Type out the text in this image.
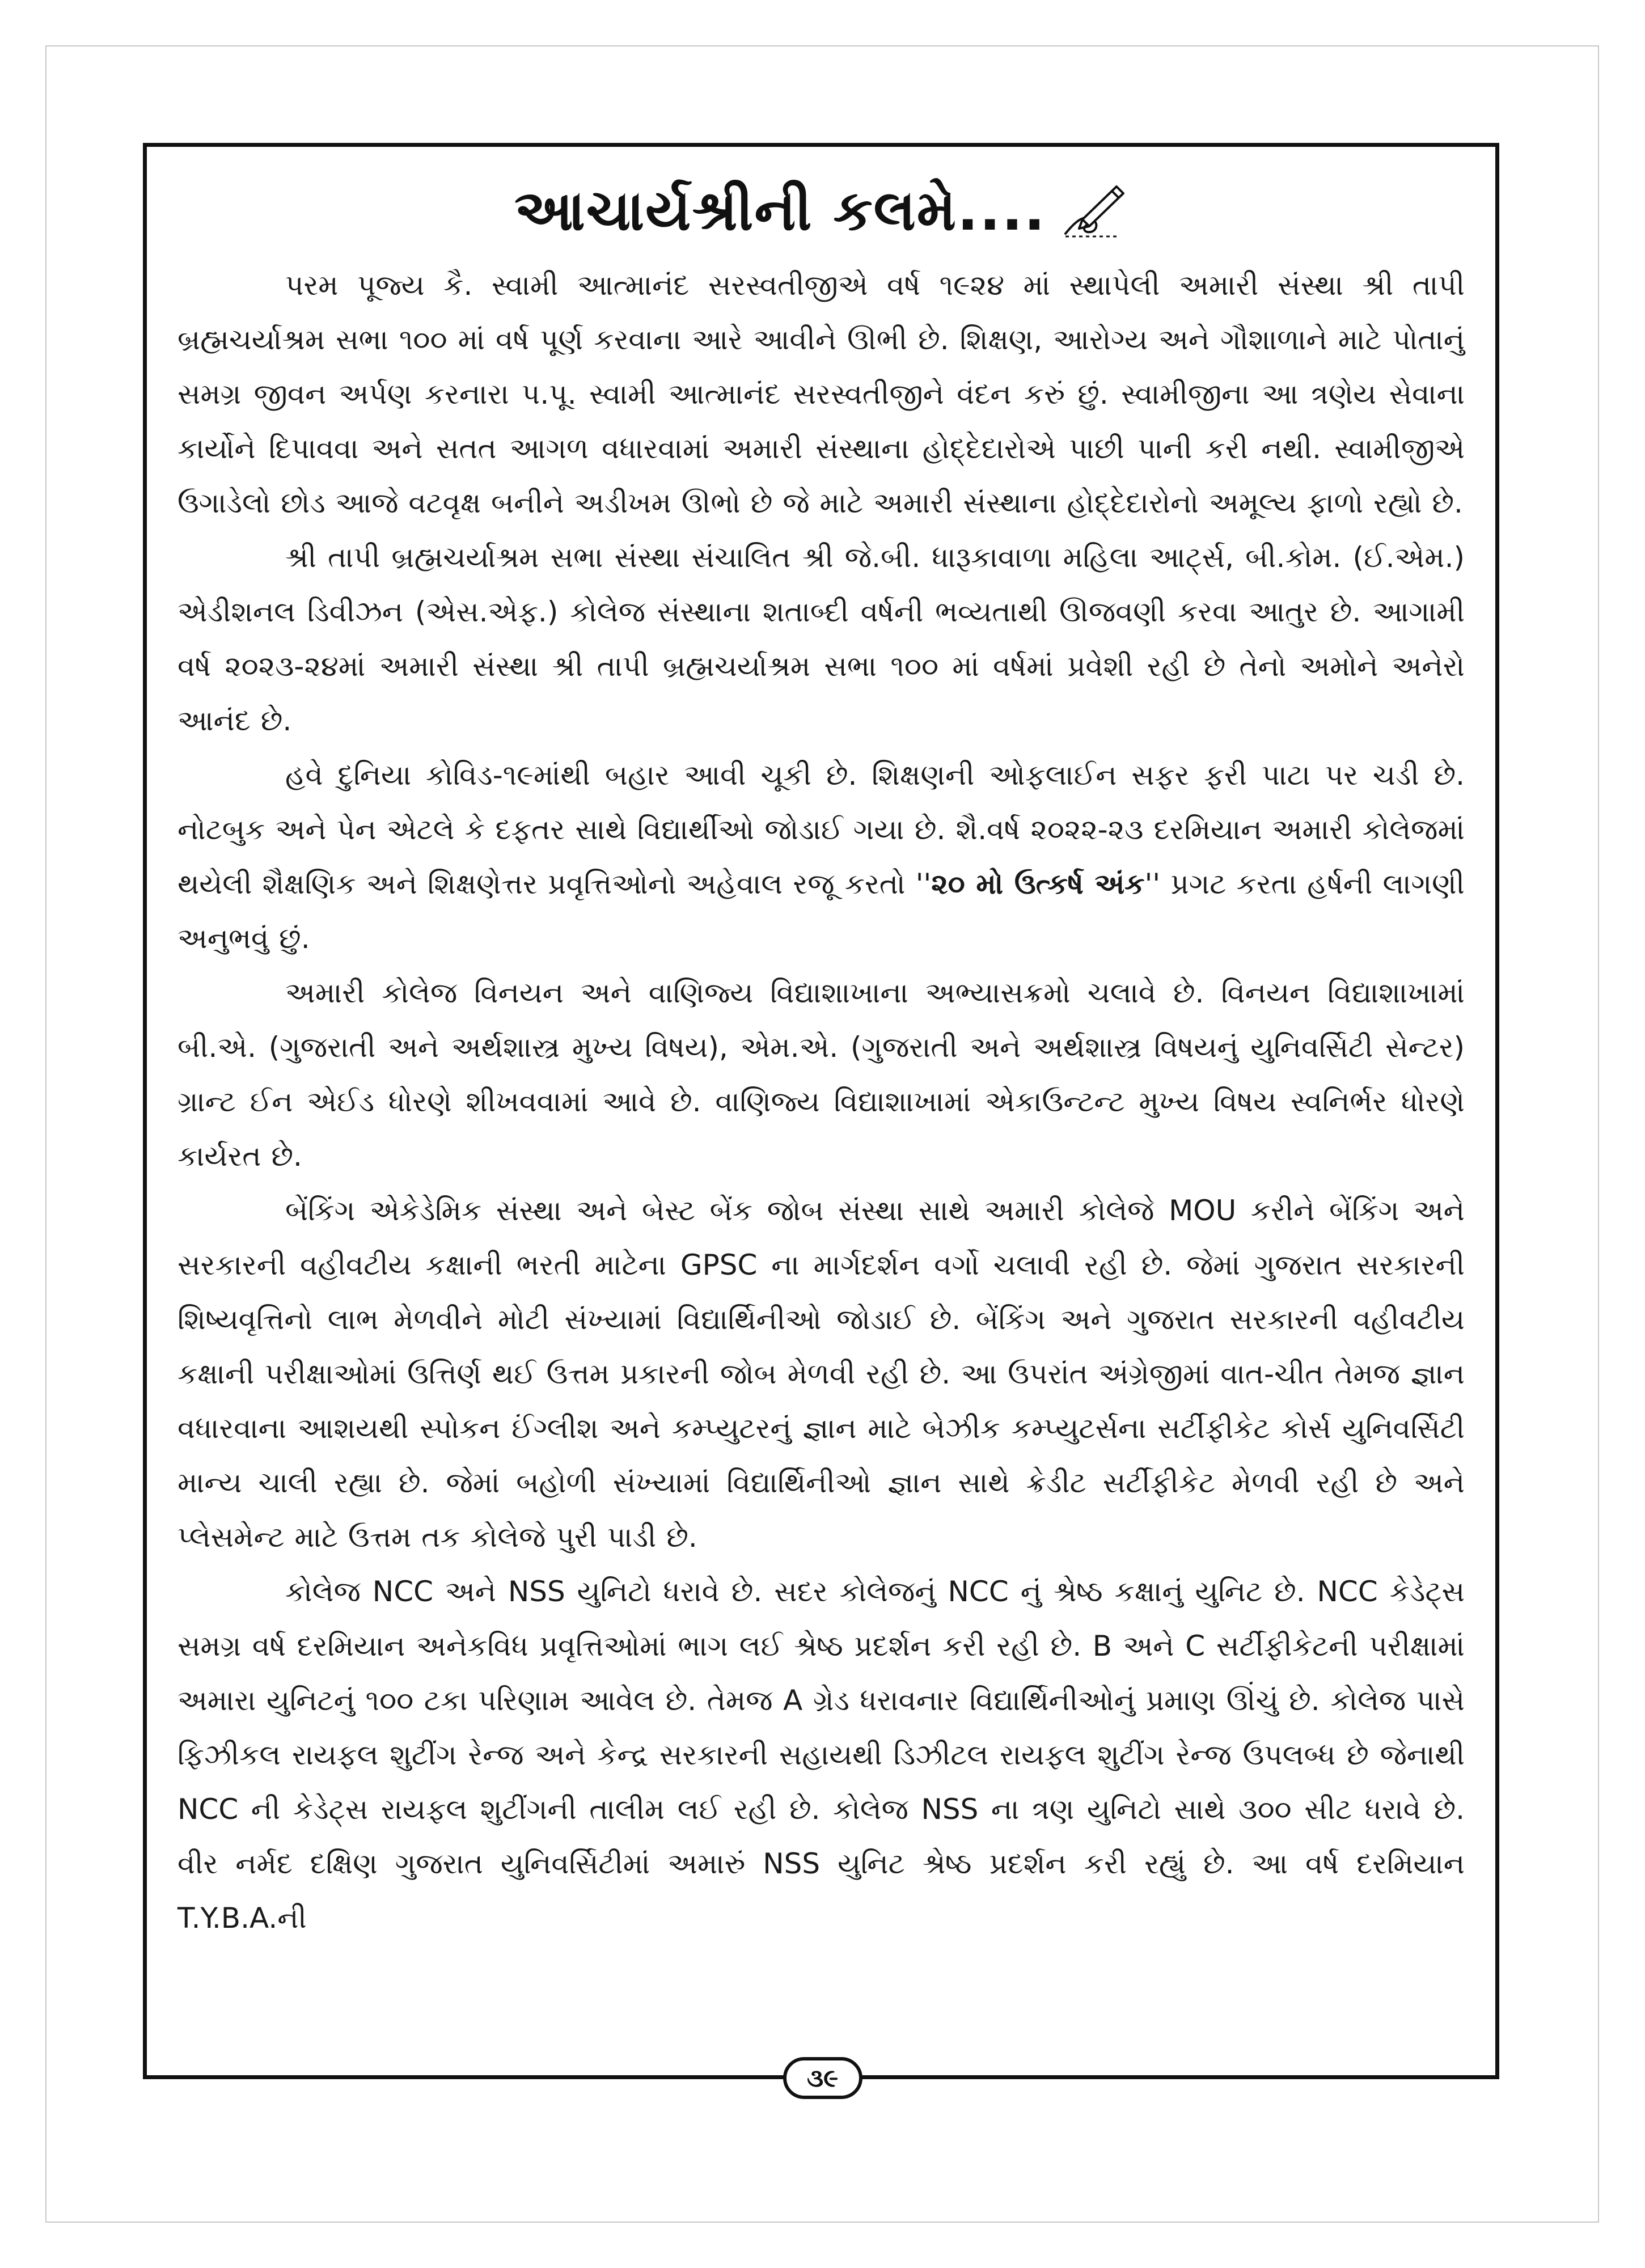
આચાર્યશ્રીની કલમે....

પરમ પૂજ્ય કૈ. સ્વામી આત્માનંદ સરસ્વતીજીએ વર્ષ ૧૯૨૪ માં સ્થાપેલી અમારી સંસ્થા શ્રી તાપી બ્રહ્મચર્યાશ્રમ સભા ૧૦૦ માં વર્ષ પૂર્ણ કરવાના આરે આવીને ઊભી છે. શિક્ષણ, આરોગ્ય અને ગૌશાળાને માટે પોતાનું સમગ્ર જીવન અર્પણ કરનારા પ.પૂ. સ્વામી આત્માનંદ સરસ્વતીજીને વંદન કરું છું. સ્વામીજીના આ ત્રણેય સેવાના કાર્યોને દિપાવવા અને સતત આગળ વધારવામાં અમારી સંસ્થાના હોદ્દેદારોએ પાછી પાની કરી નથી. સ્વામીજીએ ઉગાડેલો છોડ આજે વટવૃક્ષ બનીને અડીખમ ઊભો છે જે માટે અમારી સંસ્થાના હોદ્દેદારોનો અમૂલ્ય ફાળો રહ્યો છે.

શ્રી તાપી બ્રહ્મચર્યાશ્રમ સભા સંસ્થા સંચાલિત શ્રી જે.બી. ધારૂકાવાળા મહિલા આર્ટ્સ, બી.કોમ. (ઈ.એમ.) એડીશનલ ડિવીઝન (એસ.એફ.) કોલેજ સંસ્થાના શતાબ્દી વર્ષની ભવ્યતાથી ઊજવણી કરવા આતુર છે. આગામી વર્ષ ૨૦૨૩-૨૪માં અમારી સંસ્થા શ્રી તાપી બ્રહ્મચર્યાશ્રમ સભા ૧૦૦ માં વર્ષમાં પ્રવેશી રહી છે તેનો અમોને અનેરો આનંદ છે.

હવે દુનિયા કોવિડ-૧૯માંથી બહાર આવી ચૂકી છે. શિક્ષણની ઓફલાઈન સફર ફરી પાટા પર ચડી છે. નોટબુક અને પેન એટલે કે દફતર સાથે વિદ્યાર્થીઓ જોડાઈ ગયા છે. શૈ.વર્ષ ૨૦૨૨-૨૩ દરમિયાન અમારી કોલેજમાં થયેલી શૈક્ષણિક અને શિક્ષણેત્તર પ્રવૃત્તિઓનો અહેવાલ રજૂ કરતો ''૨૦ મો ઉત્કર્ષ અંક'' પ્રગટ કરતા હર્ષની લાગણી અનુભવું છું.

અમારી કોલેજ વિનયન અને વાણિજ્ય વિદ્યાશાખાના અભ્યાસક્રમો ચલાવે છે. વિનયન વિદ્યાશાખામાં બી.એ. (ગુજરાતી અને અર્થશાસ્ત્ર મુખ્ય વિષય), એમ.એ. (ગુજરાતી અને અર્થશાસ્ત્ર વિષયનું યુનિવર્સિટી સેન્ટર) ગ્રાન્ટ ઈન એઈડ ધોરણે શીખવવામાં આવે છે. વાણિજ્ય વિદ્યાશાખામાં એકાઉન્ટન્ટ મુખ્ય વિષય સ્વનિર્ભર ધોરણે કાર્યરત છે.

બેંકિંગ એકેડેમિક સંસ્થા અને બેસ્ટ બેંક જોબ સંસ્થા સાથે અમારી કોલેજે MOU કરીને બેંકિંગ અને સરકારની વહીવટીય કક્ષાની ભરતી માટેના GPSC ના માર્ગદર્શન વર્ગો ચલાવી રહી છે. જેમાં ગુજરાત સરકારની શિષ્યવૃત્તિનો લાભ મેળવીને મોટી સંખ્યામાં વિદ્યાર્થિનીઓ જોડાઈ છે. બેંકિંગ અને ગુજરાત સરકારની વહીવટીય કક્ષાની પરીક્ષાઓમાં ઉત્તિર્ણ થઈ ઉત્તમ પ્રકારની જોબ મેળવી રહી છે. આ ઉપરાંત અંગ્રેજીમાં વાત-ચીત તેમજ જ્ઞાન વધારવાના આશયથી સ્પોકન ઈંગ્લીશ અને કમ્પ્યુટરનું જ્ઞાન માટે બેઝીક કમ્પ્યુટર્સના સર્ટીફીકેટ કોર્સ યુનિવર્સિટી માન્ય ચાલી રહ્યા છે. જેમાં બહોળી સંખ્યામાં વિદ્યાર્થિનીઓ જ્ઞાન સાથે ક્રેડીટ સર્ટીફીકેટ મેળવી રહી છે અને પ્લેસમેન્ટ માટે ઉત્તમ તક કોલેજે પુરી પાડી છે.

કોલેજ NCC અને NSS યુનિટો ધરાવે છે. સદર કોલેજનું NCC નું શ્રેષ્ઠ કક્ષાનું યુનિટ છે. NCC કેડેટ્સ સમગ્ર વર્ષ દરમિયાન અનેકવિધ પ્રવૃત્તિઓમાં ભાગ લઈ શ્રેષ્ઠ પ્રદર્શન કરી રહી છે. B અને C સર્ટીફીકેટની પરીક્ષામાં અમારા યુનિટનું ૧૦૦ ટકા પરિણામ આવેલ છે. તેમજ A ગ્રેડ ધરાવનાર વિદ્યાર્થિનીઓનું પ્રમાણ ઊંચું છે. કોલેજ પાસે ફિઝીકલ રાયફલ શુટીંગ રેન્જ અને કેન્દ્ર સરકારની સહાયથી ડિઝીટલ રાયફલ શુટીંગ રેન્જ ઉપલબ્ધ છે જેનાથી NCC ની કેડેટ્સ રાયફલ શુટીંગની તાલીમ લઈ રહી છે. કોલેજ NSS ના ત્રણ યુનિટો સાથે ૩૦૦ સીટ ધરાવે છે. વીર નર્મદ દક્ષિણ ગુજરાત યુનિવર્સિટીમાં અમારું NSS યુનિટ શ્રેષ્ઠ પ્રદર્શન કરી રહ્યું છે. આ વર્ષ દરમિયાન T.Y.B.A.ની

૩૯
